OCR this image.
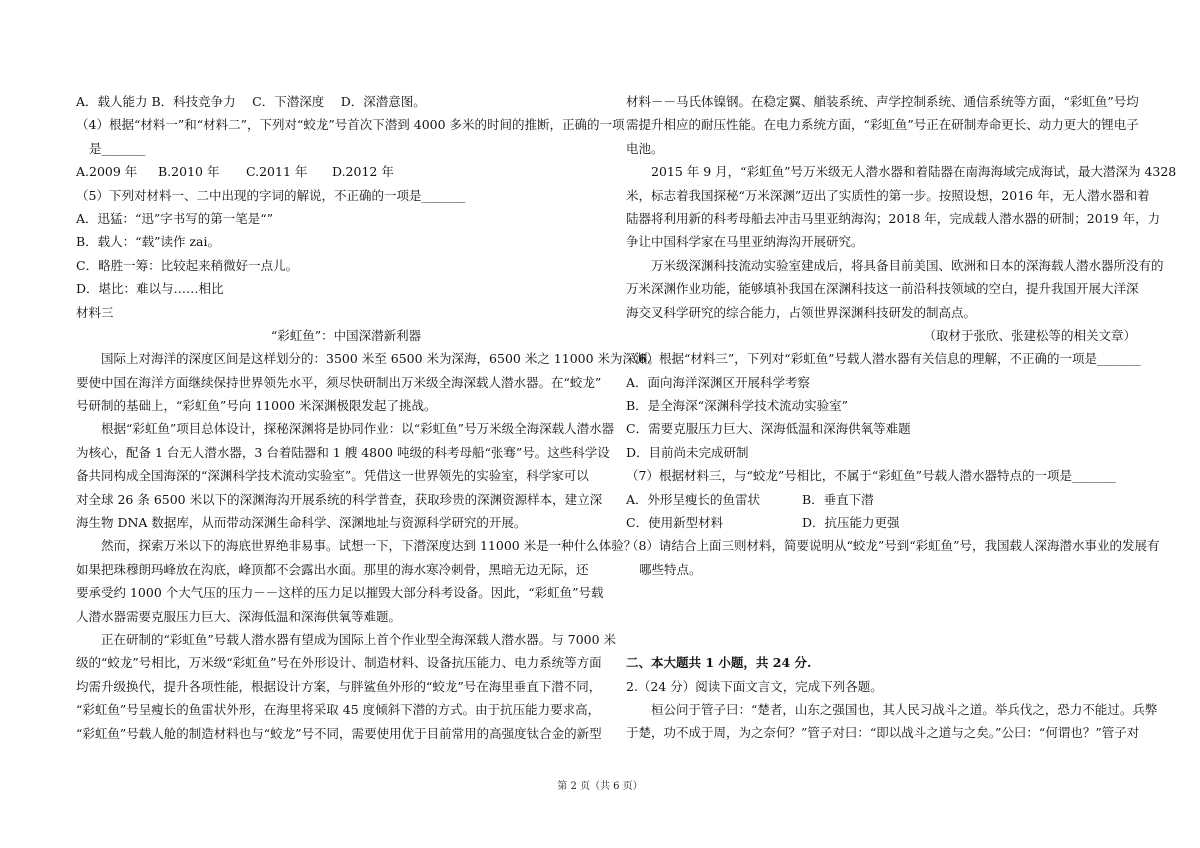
A．载人能力 B．科技竞争力　 C．下潜深度　 D．深潜意图。
（4）根据“材料一”和“材料二”，下列对“蛟龙”号首次下潜到 4000 多米的时间的推断，正确的一项
是_______
A.2009 年 B.2010 年 C.2011 年 D.2012 年
（5）下列对材料一、二中出现的字词的解说，不正确的一项是_______
A．迅猛：“迅”字书写的第一笔是“”
B．载人：“载”读作 zai。
C．略胜一筹：比较起来稍微好一点儿。
D．堪比：难以与……相比
材料三
“彩虹鱼”：中国深潜新利器
国际上对海洋的深度区间是这样划分的：3500 米至 6500 米为深海，6500 米之 11000 米为深渊。
要使中国在海洋方面继续保持世界领先水平，须尽快研制出万米级全海深载人潜水器。在“蛟龙”
号研制的基础上，“彩虹鱼”号向 11000 米深渊极限发起了挑战。
根据“彩虹鱼”项目总体设计，探秘深渊将是协同作业：以“彩虹鱼”号万米级全海深载人潜水器
为核心，配备 1 台无人潜水器，3 台着陆器和 1 艘 4800 吨级的科考母船“张骞”号。这些科学设
备共同构成全国海深的“深渊科学技术流动实验室”。凭借这一世界领先的实验室，科学家可以
对全球 26 条 6500 米以下的深渊海沟开展系统的科学普查，获取珍贵的深渊资源样本，建立深
海生物 DNA 数据库，从而带动深渊生命科学、深渊地址与资源科学研究的开展。
然而，探索万米以下的海底世界绝非易事。试想一下，下潜深度达到 11000 米是一种什么体验？
如果把珠穆朗玛峰放在沟底，峰顶都不会露出水面。那里的海水寒冷刺骨，黑暗无边无际，还
要承受约 1000 个大气压的压力－－这样的压力足以摧毁大部分科考设备。因此，“彩虹鱼”号载
人潜水器需要克服压力巨大、深海低温和深海供氧等难题。
正在研制的“彩虹鱼”号载人潜水器有望成为国际上首个作业型全海深载人潜水器。与 7000 米
级的“蛟龙”号相比，万米级“彩虹鱼”号在外形设计、制造材料、设备抗压能力、电力系统等方面
均需升级换代，提升各项性能，根据设计方案，与胖鲨鱼外形的“蛟龙”号在海里垂直下潜不同，
“彩虹鱼”号呈瘦长的鱼雷状外形，在海里将采取 45 度倾斜下潜的方式。由于抗压能力要求高，
“彩虹鱼”号载人舱的制造材料也与“蛟龙”号不同，需要使用优于目前常用的高强度钛合金的新型
材料－－马氏体镍钢。在稳定翼、艏装系统、声学控制系统、通信系统等方面，“彩虹鱼”号均
需提升相应的耐压性能。在电力系统方面，“彩虹鱼”号正在研制寿命更长、动力更大的锂电子
电池。
2015 年 9 月，“彩虹鱼”号万米级无人潜水器和着陆器在南海海域完成海试，最大潜深为 4328
米，标志着我国探秘“万米深渊”迈出了实质性的第一步。按照设想，2016 年，无人潜水器和着
陆器将利用新的科考母船去冲击马里亚纳海沟；2018 年，完成载人潜水器的研制；2019 年，力
争让中国科学家在马里亚纳海沟开展研究。
万米级深渊科技流动实验室建成后，将具备目前美国、欧洲和日本的深海载人潜水器所没有的
万米深渊作业功能，能够填补我国在深渊科技这一前沿科技领域的空白，提升我国开展大洋深
海交叉科学研究的综合能力，占领世界深渊科技研发的制高点。
（取材于张欣、张建松等的相关文章）
（6）根据“材料三”，下列对“彩虹鱼”号载人潜水器有关信息的理解，不正确的一项是_______
A．面向海洋深渊区开展科学考察
B．是全海深“深渊科学技术流动实验室”
C．需要克服压力巨大、深海低温和深海供氧等难题
D．目前尚未完成研制
（7）根据材料三，与“蛟龙”号相比，不属于“彩虹鱼”号载人潜水器特点的一项是_______
A．外形呈瘦长的鱼雷状	B．垂直下潜
C．使用新型材料	D．抗压能力更强
（8）请结合上面三则材料，简要说明从“蛟龙”号到“彩虹鱼”号，我国载人深海潜水事业的发展有
哪些特点。
二、本大题共 1 小题，共 24 分.
2.（24 分）阅读下面文言文，完成下列各题。
桓公问于管子曰：“楚者，山东之强国也，其人民习战斗之道。举兵伐之，恐力不能过。兵弊
于楚，功不成于周，为之奈何？”管子对曰：“即以战斗之道与之矣。”公曰：“何谓也？”管子对
第 2 页（共 6 页）
